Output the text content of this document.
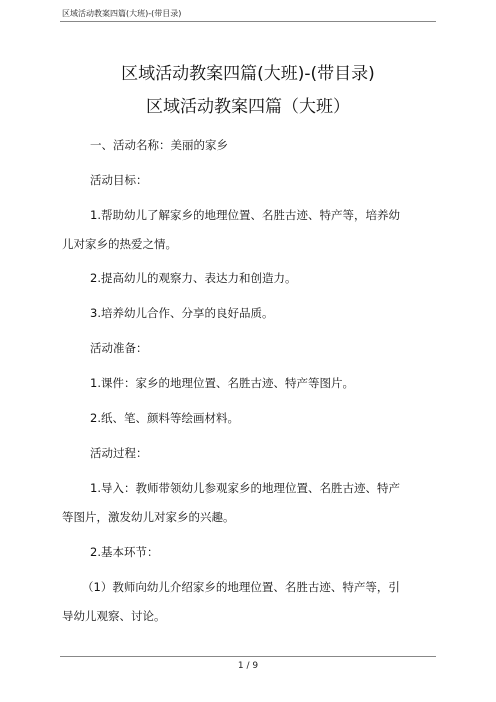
区域活动教案四篇(大班)-(带目录)
区域活动教案四篇(大班)-(带目录)
区域活动教案四篇（大班）

一、活动名称：美丽的家乡

活动目标：

1.帮助幼儿了解家乡的地理位置、名胜古迹、特产等，培养幼

儿对家乡的热爱之情。

2.提高幼儿的观察力、表达力和创造力。

3.培养幼儿合作、分享的良好品质。

活动准备：

1.课件：家乡的地理位置、名胜古迹、特产等图片。

2.纸、笔、颜料等绘画材料。

活动过程：

1.导入：教师带领幼儿参观家乡的地理位置、名胜古迹、特产

等图片，激发幼儿对家乡的兴趣。

2.基本环节：

（1）教师向幼儿介绍家乡的地理位置、名胜古迹、特产等，引

导幼儿观察、讨论。

1 / 9
